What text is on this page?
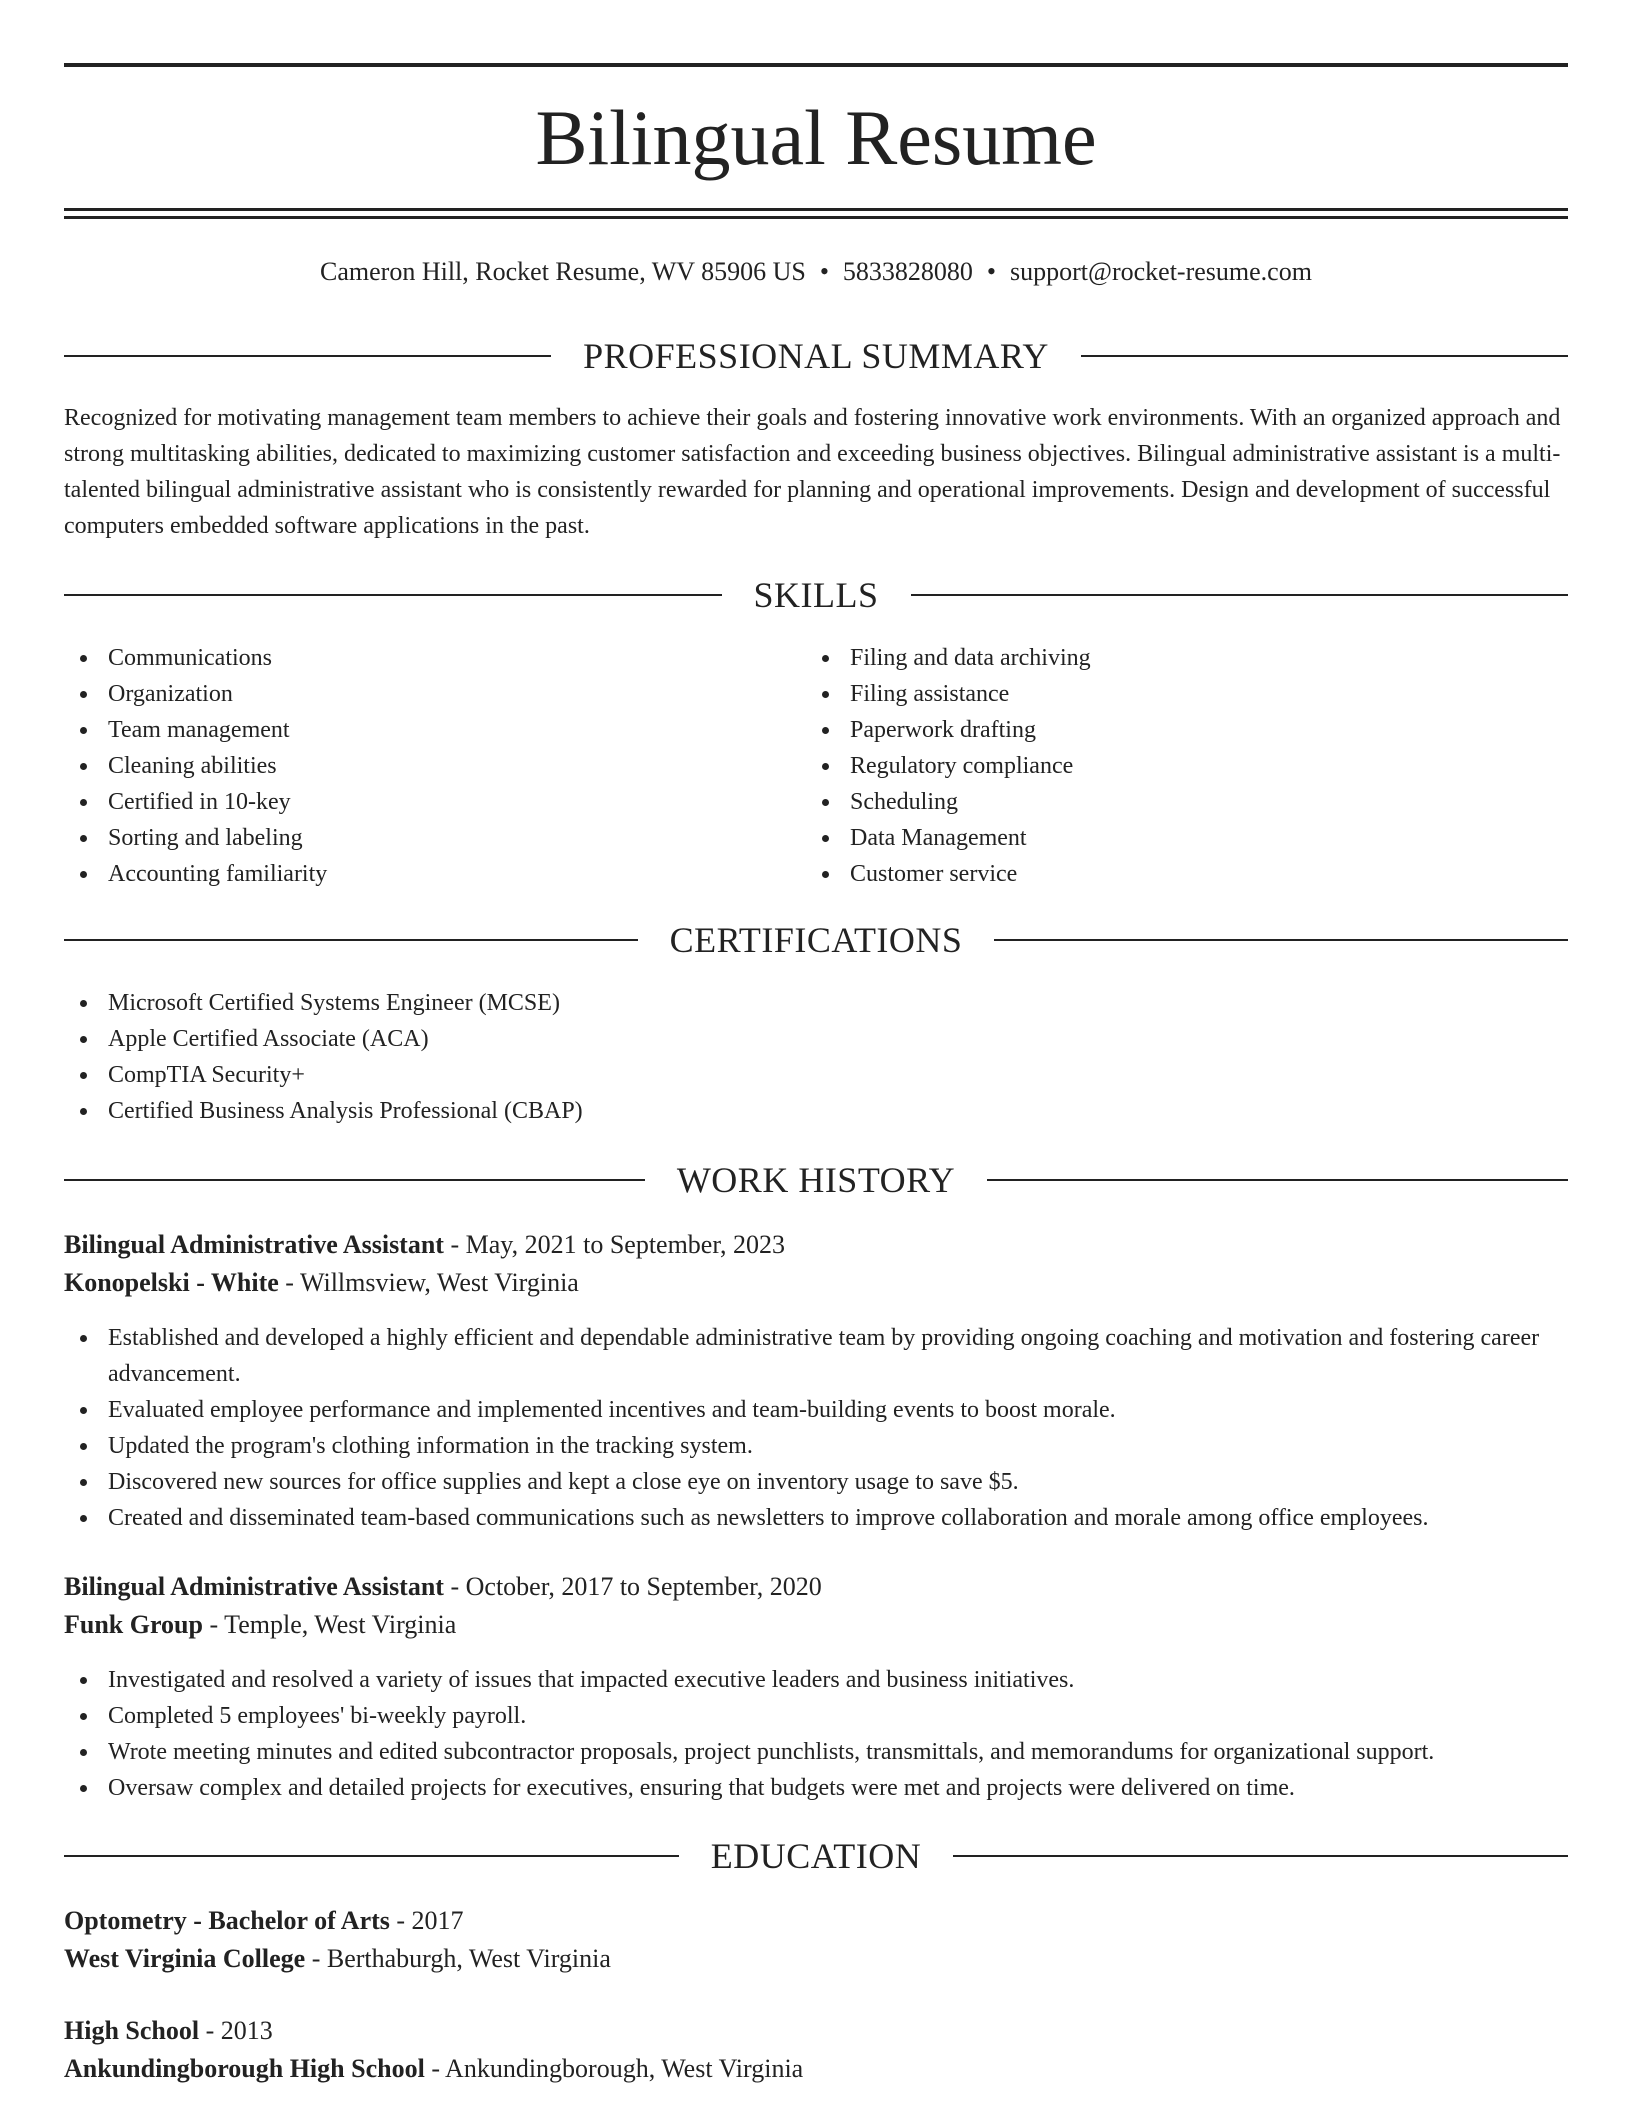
Bilingual Resume
Cameron Hill, Rocket Resume, WV 85906 US • 5833828080 • support@rocket-resume.com
PROFESSIONAL SUMMARY

Recognized for motivating management team members to achieve their goals and fostering innovative work environments. With an organized approach and strong multitasking abilities, dedicated to maximizing customer satisfaction and exceeding business objectives. Bilingual administrative assistant is a multi-talented bilingual administrative assistant who is consistently rewarded for planning and operational improvements. Design and development of successful computers embedded software applications in the past.

SKILLS
Communications
Organization
Team management
Cleaning abilities
Certified in 10-key
Sorting and labeling
Accounting familiarity
Filing and data archiving
Filing assistance
Paperwork drafting
Regulatory compliance
Scheduling
Data Management
Customer service
CERTIFICATIONS
Microsoft Certified Systems Engineer (MCSE)
Apple Certified Associate (ACA)
CompTIA Security+
Certified Business Analysis Professional (CBAP)
WORK HISTORY
Bilingual Administrative Assistant - May, 2021 to September, 2023
Konopelski - White - Willmsview, West Virginia
Established and developed a highly efficient and dependable administrative team by providing ongoing coaching and motivation and fostering career advancement.
Evaluated employee performance and implemented incentives and team-building events to boost morale.
Updated the program's clothing information in the tracking system.
Discovered new sources for office supplies and kept a close eye on inventory usage to save $5.
Created and disseminated team-based communications such as newsletters to improve collaboration and morale among office employees.
Bilingual Administrative Assistant - October, 2017 to September, 2020
Funk Group - Temple, West Virginia
Investigated and resolved a variety of issues that impacted executive leaders and business initiatives.
Completed 5 employees' bi-weekly payroll.
Wrote meeting minutes and edited subcontractor proposals, project punchlists, transmittals, and memorandums for organizational support.
Oversaw complex and detailed projects for executives, ensuring that budgets were met and projects were delivered on time.
EDUCATION
Optometry - Bachelor of Arts - 2017
West Virginia College - Berthaburgh, West Virginia
High School - 2013
Ankundingborough High School - Ankundingborough, West Virginia
